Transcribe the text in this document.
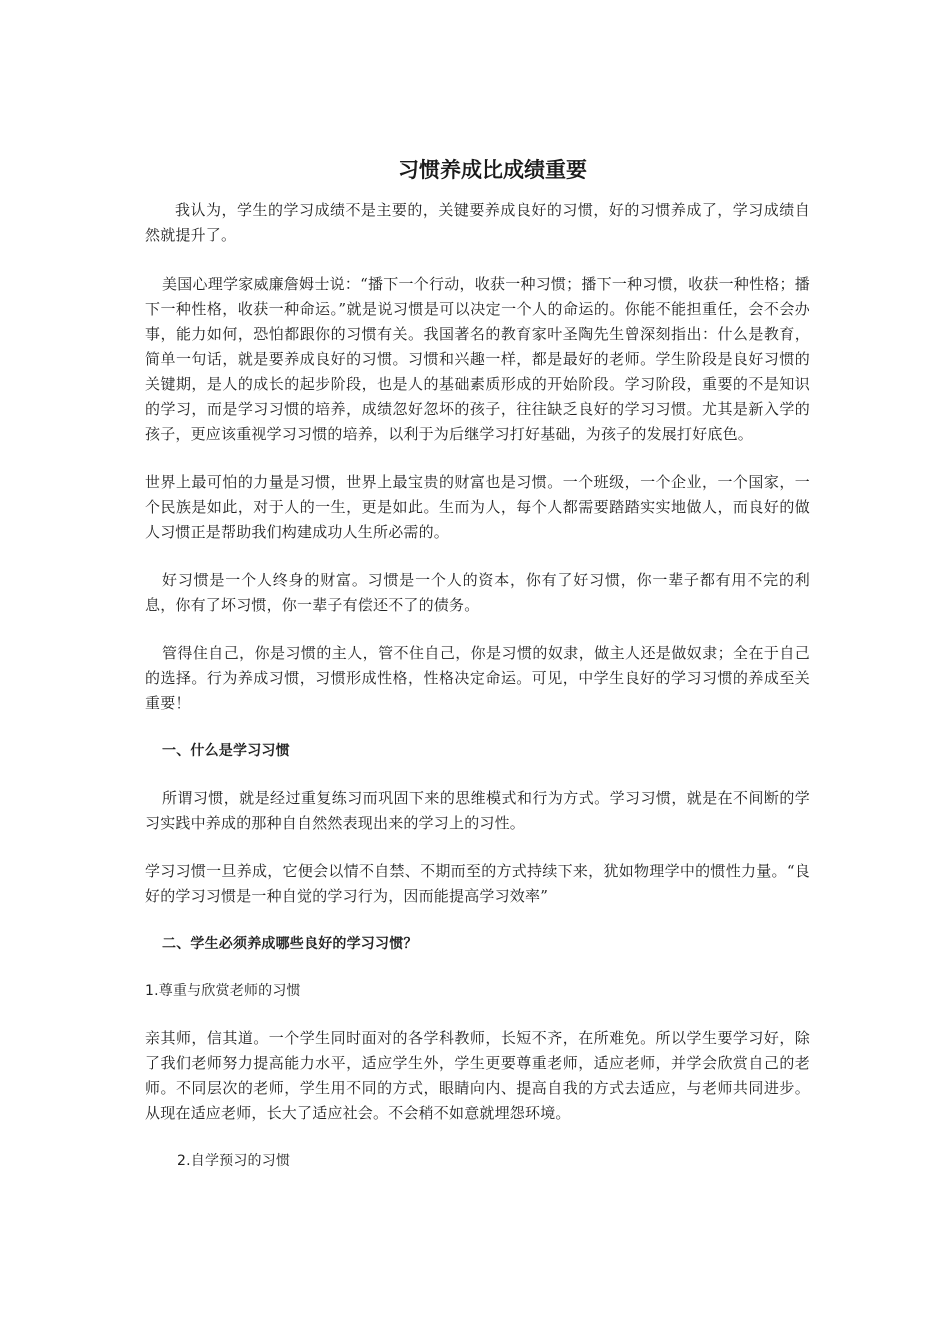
习惯养成比成绩重要

我认为，学生的学习成绩不是主要的，关键要养成良好的习惯，好的习惯养成了，学习成绩自然就提升了。

美国心理学家威廉詹姆士说：“播下一个行动，收获一种习惯；播下一种习惯，收获一种性格；播下一种性格，收获一种命运。”就是说习惯是可以决定一个人的命运的。你能不能担重任，会不会办事，能力如何，恐怕都跟你的习惯有关。我国著名的教育家叶圣陶先生曾深刻指出：什么是教育，简单一句话，就是要养成良好的习惯。习惯和兴趣一样，都是最好的老师。学生阶段是良好习惯的关键期，是人的成长的起步阶段，也是人的基础素质形成的开始阶段。学习阶段，重要的不是知识的学习，而是学习习惯的培养，成绩忽好忽坏的孩子，往往缺乏良好的学习习惯。尤其是新入学的孩子，更应该重视学习习惯的培养，以利于为后继学习打好基础，为孩子的发展打好底色。

世界上最可怕的力量是习惯，世界上最宝贵的财富也是习惯。一个班级，一个企业，一个国家，一个民族是如此，对于人的一生，更是如此。生而为人，每个人都需要踏踏实实地做人，而良好的做人习惯正是帮助我们构建成功人生所必需的。

好习惯是一个人终身的财富。习惯是一个人的资本，你有了好习惯，你一辈子都有用不完的利息，你有了坏习惯，你一辈子有偿还不了的债务。

管得住自己，你是习惯的主人，管不住自己，你是习惯的奴隶，做主人还是做奴隶；全在于自己的选择。行为养成习惯，习惯形成性格，性格决定命运。可见，中学生良好的学习习惯的养成至关重要！

一、什么是学习习惯

所谓习惯，就是经过重复练习而巩固下来的思维模式和行为方式。学习习惯，就是在不间断的学习实践中养成的那种自自然然表现出来的学习上的习性。

学习习惯一旦养成，它便会以情不自禁、不期而至的方式持续下来，犹如物理学中的惯性力量。“良好的学习习惯是一种自觉的学习行为，因而能提高学习效率”

二、学生必须养成哪些良好的学习习惯？

1.尊重与欣赏老师的习惯

亲其师，信其道。一个学生同时面对的各学科教师，长短不齐，在所难免。所以学生要学习好，除了我们老师努力提高能力水平，适应学生外，学生更要尊重老师，适应老师，并学会欣赏自己的老师。不同层次的老师，学生用不同的方式，眼睛向内、提高自我的方式去适应，与老师共同进步。从现在适应老师，长大了适应社会。不会稍不如意就埋怨环境。

2.自学预习的习惯
